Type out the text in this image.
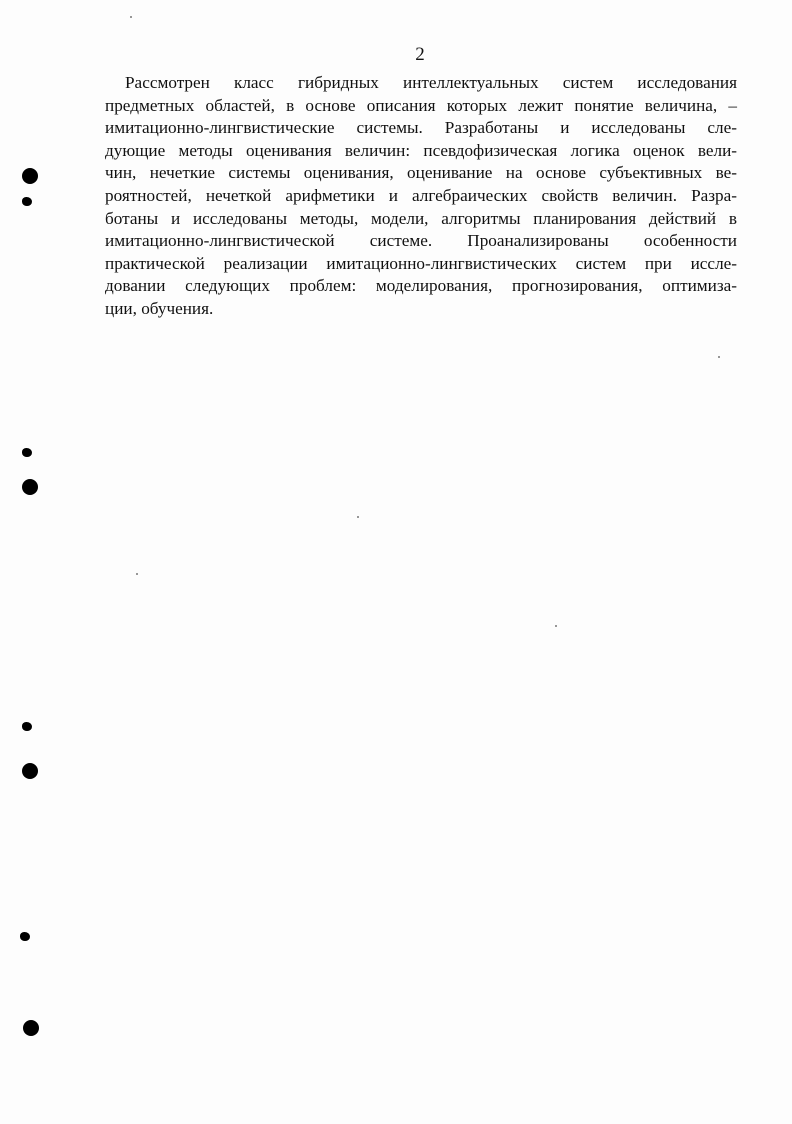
2
Рассмотрен класс гибридных интеллектуальных систем исследования
предметных областей, в основе описания которых лежит понятие величина, –
имитационно-лингвистические системы. Разработаны и исследованы сле-
дующие методы оценивания величин: псевдофизическая логика оценок вели-
чин, нечеткие системы оценивания, оценивание на основе субъективных ве-
роятностей, нечеткой арифметики и алгебраических свойств величин. Разра-
ботаны и исследованы методы, модели, алгоритмы планирования действий в
имитационно-лингвистической системе. Проанализированы особенности
практической реализации имитационно-лингвистических систем при иссле-
довании следующих проблем: моделирования, прогнозирования, оптимиза-
ции, обучения.
